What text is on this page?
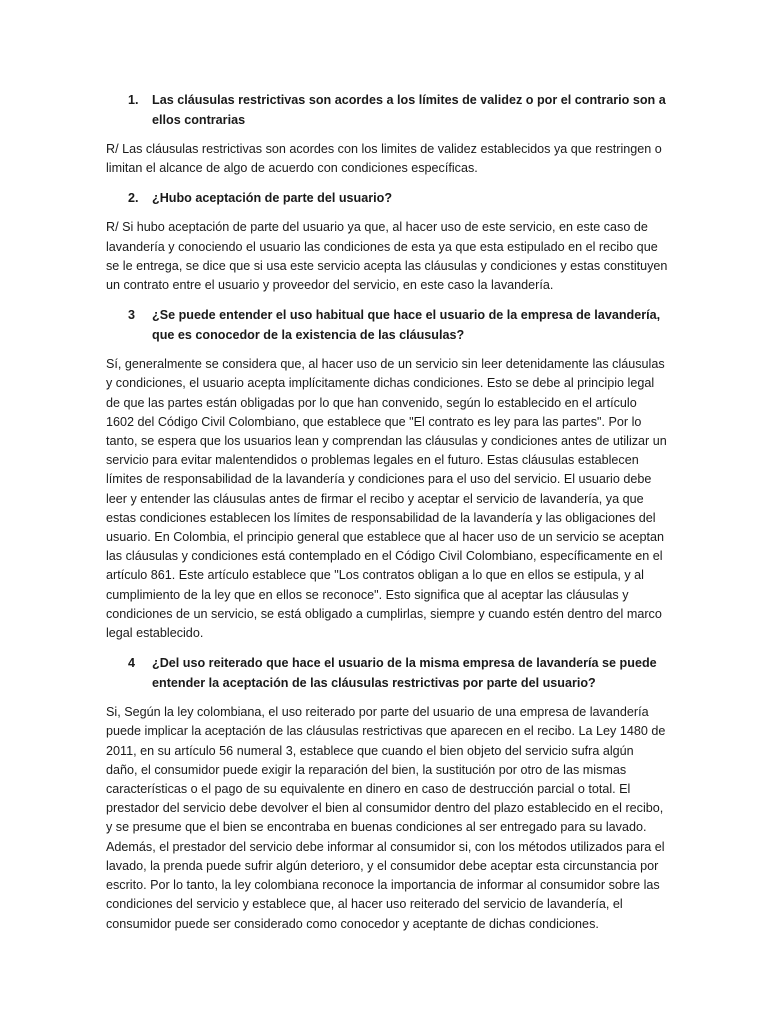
1.	Las cláusulas restrictivas son acordes a los límites de validez o por el contrario son a ellos contrarias

R/ Las cláusulas restrictivas son acordes con los limites de validez establecidos ya que restringen o limitan el alcance de algo de acuerdo con condiciones específicas.

2.	¿Hubo aceptación de parte del usuario?

R/ Si hubo aceptación de parte del usuario ya que, al hacer uso de este servicio, en este caso de lavandería y conociendo el usuario las condiciones de esta ya que esta estipulado en el recibo que se le entrega, se dice que si usa este servicio acepta las cláusulas y condiciones y estas constituyen un contrato entre el usuario y proveedor del servicio, en este caso la lavandería.

3	¿Se puede entender el uso habitual que hace el usuario de la empresa de lavandería, que es conocedor de la existencia de las cláusulas?

Sí, generalmente se considera que, al hacer uso de un servicio sin leer detenidamente las cláusulas y condiciones, el usuario acepta implícitamente dichas condiciones. Esto se debe al principio legal de que las partes están obligadas por lo que han convenido, según lo establecido en el artículo 1602 del Código Civil Colombiano, que establece que "El contrato es ley para las partes". Por lo tanto, se espera que los usuarios lean y comprendan las cláusulas y condiciones antes de utilizar un servicio para evitar malentendidos o problemas legales en el futuro. Estas cláusulas establecen límites de responsabilidad de la lavandería y condiciones para el uso del servicio. El usuario debe leer y entender las cláusulas antes de firmar el recibo y aceptar el servicio de lavandería, ya que estas condiciones establecen los límites de responsabilidad de la lavandería y las obligaciones del usuario. En Colombia, el principio general que establece que al hacer uso de un servicio se aceptan las cláusulas y condiciones está contemplado en el Código Civil Colombiano, específicamente en el artículo 861. Este artículo establece que "Los contratos obligan a lo que en ellos se estipula, y al cumplimiento de la ley que en ellos se reconoce". Esto significa que al aceptar las cláusulas y condiciones de un servicio, se está obligado a cumplirlas, siempre y cuando estén dentro del marco legal establecido.

4	¿Del uso reiterado que hace el usuario de la misma empresa de lavandería se puede entender la aceptación de las cláusulas restrictivas por parte del usuario?

Si, Según la ley colombiana, el uso reiterado por parte del usuario de una empresa de lavandería puede implicar la aceptación de las cláusulas restrictivas que aparecen en el recibo. La Ley 1480 de 2011, en su artículo 56 numeral 3, establece que cuando el bien objeto del servicio sufra algún daño, el consumidor puede exigir la reparación del bien, la sustitución por otro de las mismas características o el pago de su equivalente en dinero en caso de destrucción parcial o total. El prestador del servicio debe devolver el bien al consumidor dentro del plazo establecido en el recibo, y se presume que el bien se encontraba en buenas condiciones al ser entregado para su lavado. Además, el prestador del servicio debe informar al consumidor si, con los métodos utilizados para el lavado, la prenda puede sufrir algún deterioro, y el consumidor debe aceptar esta circunstancia por escrito. Por lo tanto, la ley colombiana reconoce la importancia de informar al consumidor sobre las condiciones del servicio y establece que, al hacer uso reiterado del servicio de lavandería, el consumidor puede ser considerado como conocedor y aceptante de dichas condiciones.
